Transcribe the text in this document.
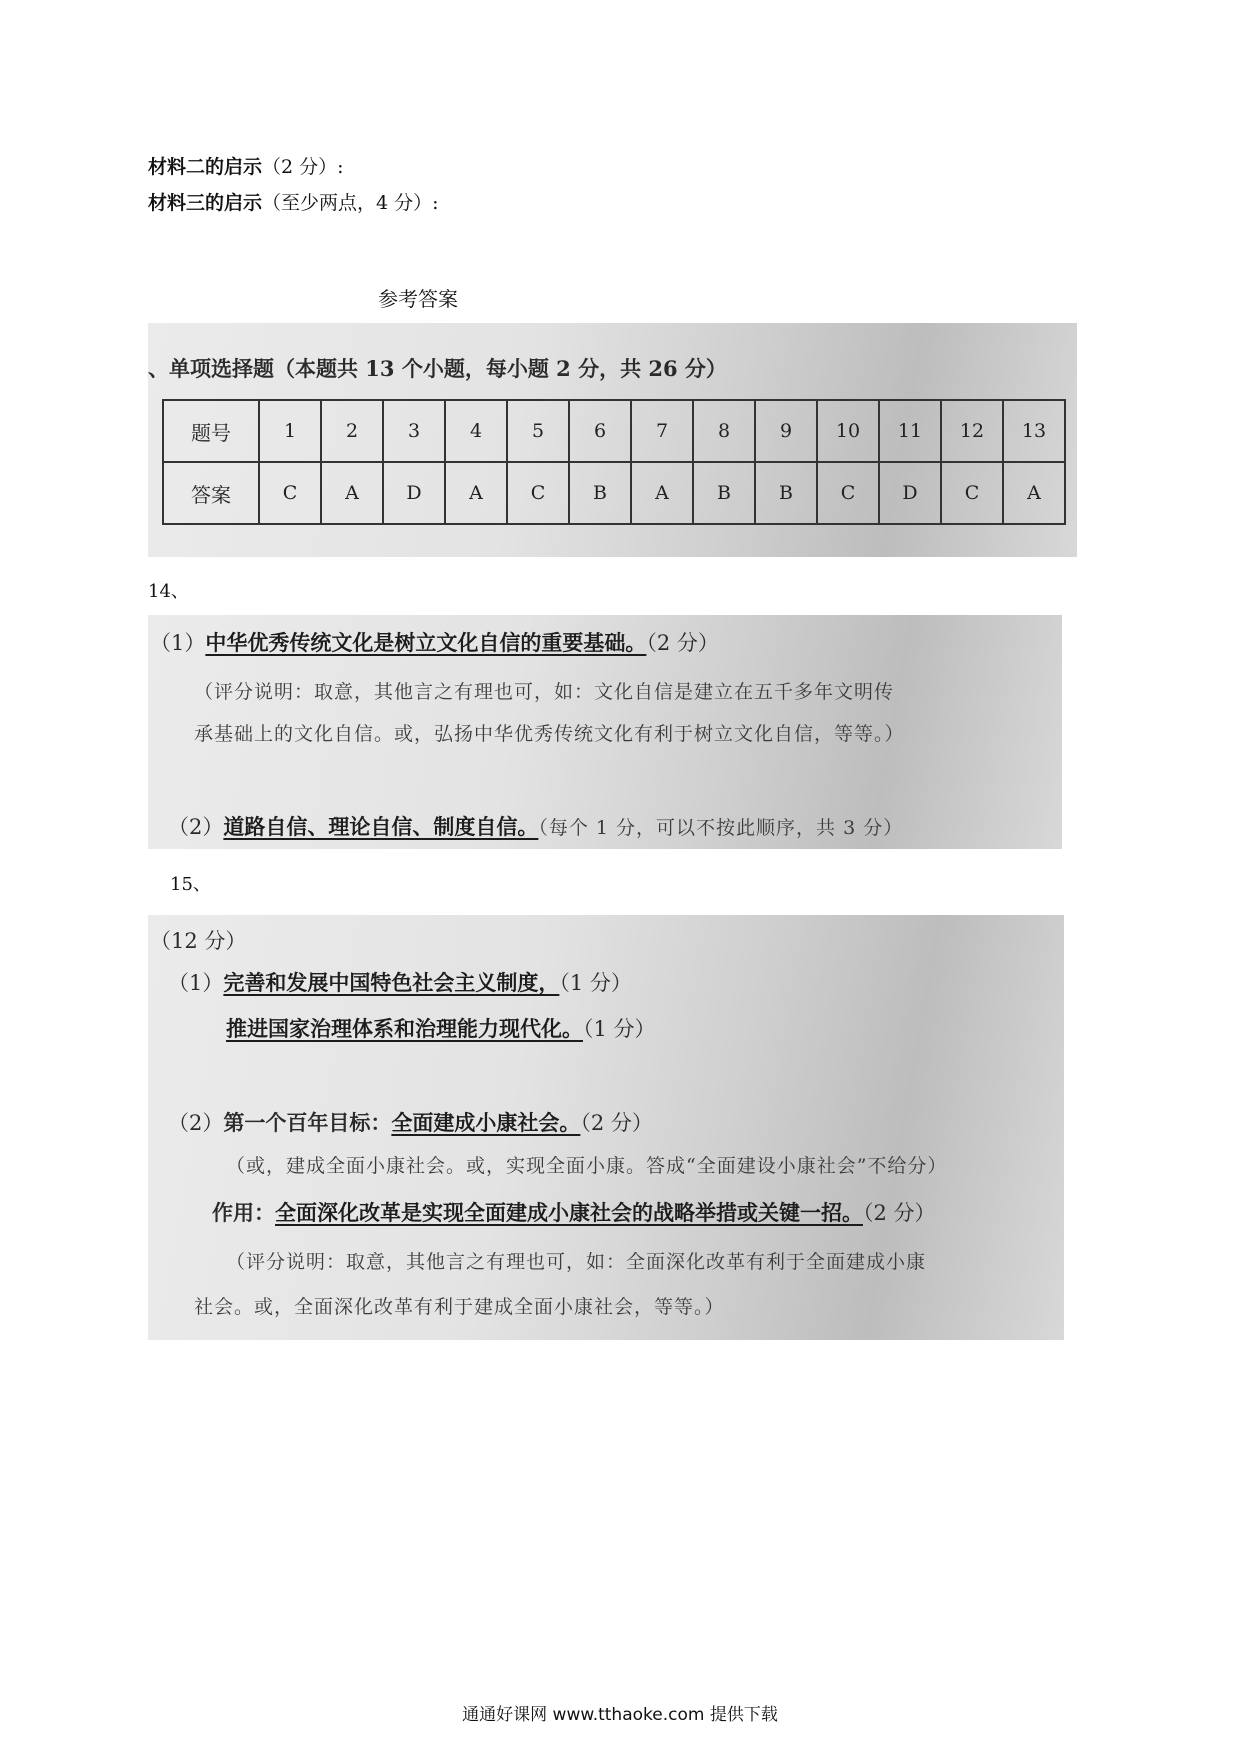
材料二的启示（2 分）:
材料三的启示（至少两点，4 分）:
参考答案
、单项选择题（本题共 13 个小题，每小题 2 分，共 26 分）
题号	1	2	3	4	5	6	7	8	9	10	11	12	13
答案	C	A	D	A	C	B	A	B	B	C	D	C	A
14、
（1）中华优秀传统文化是树立文化自信的重要基础。（2 分）
（评分说明：取意，其他言之有理也可，如：文化自信是建立在五千多年文明传
承基础上的文化自信。或，弘扬中华优秀传统文化有利于树立文化自信，等等。）
（2）道路自信、理论自信、制度自信。（每个 1 分，可以不按此顺序，共 3 分）
15、
（12 分）
（1）完善和发展中国特色社会主义制度，（1 分）
推进国家治理体系和治理能力现代化。（1 分）
（2）第一个百年目标：全面建成小康社会。（2 分）
（或，建成全面小康社会。或，实现全面小康。答成“全面建设小康社会”不给分）
作用：全面深化改革是实现全面建成小康社会的战略举措或关键一招。（2 分）
（评分说明：取意，其他言之有理也可，如：全面深化改革有利于全面建成小康
社会。或，全面深化改革有利于建成全面小康社会，等等。）
通通好课网 www.tthaoke.com 提供下载
